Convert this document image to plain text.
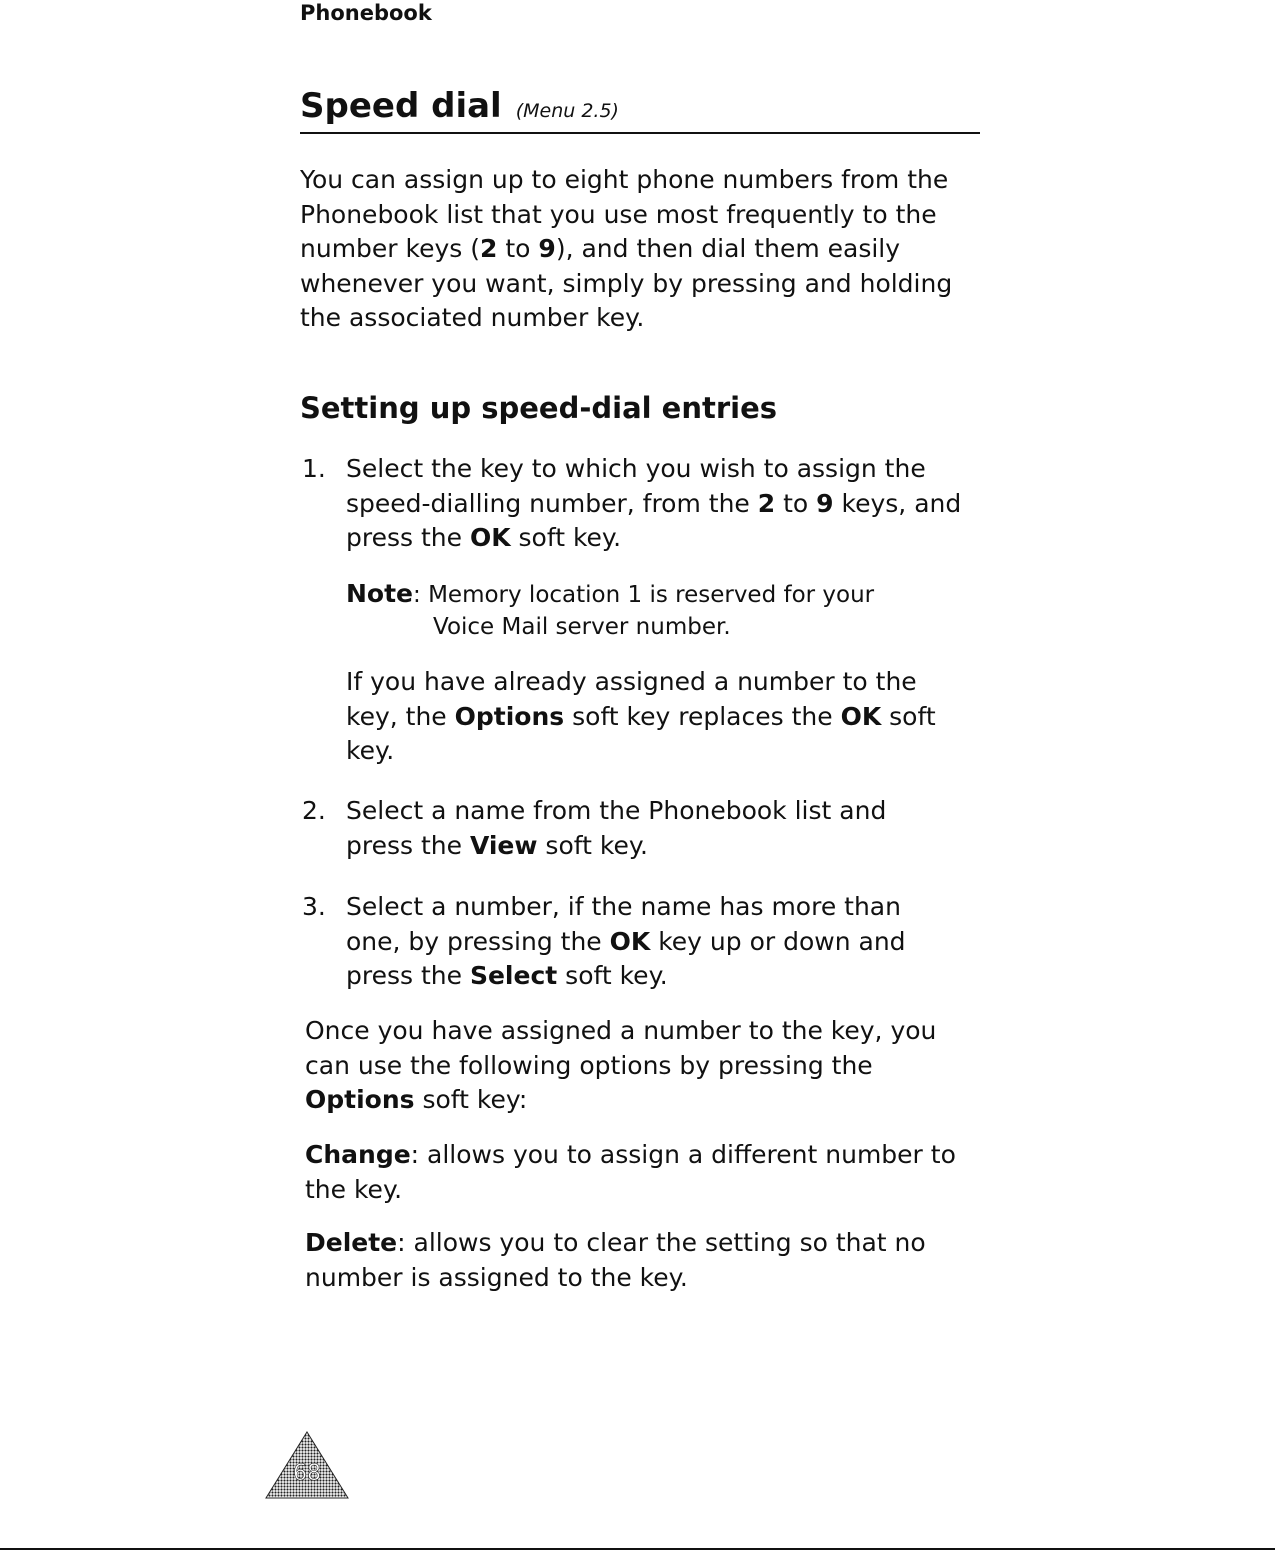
Phonebook
Speed dial (Menu 2.5)

You can assign up to eight phone numbers from the Phonebook list that you use most frequently to the number keys (2 to 9), and then dial them easily whenever you want, simply by pressing and holding the associated number key.

Setting up speed-dial entries
1. Select the key to which you wish to assign the speed-dialling number, from the 2 to 9 keys, and press the OK soft key.

Note: Memory location 1 is reserved for your
Voice Mail server number.

If you have already assigned a number to the key, the Options soft key replaces the OK soft key.

2. Select a name from the Phonebook list and press the View soft key.

3. Select a number, if the name has more than one, by pressing the OK key up or down and press the Select soft key.

Once you have assigned a number to the key, you can use the following options by pressing the Options soft key:

Change: allows you to assign a different number to the key.

Delete: allows you to clear the setting so that no number is assigned to the key.

68
